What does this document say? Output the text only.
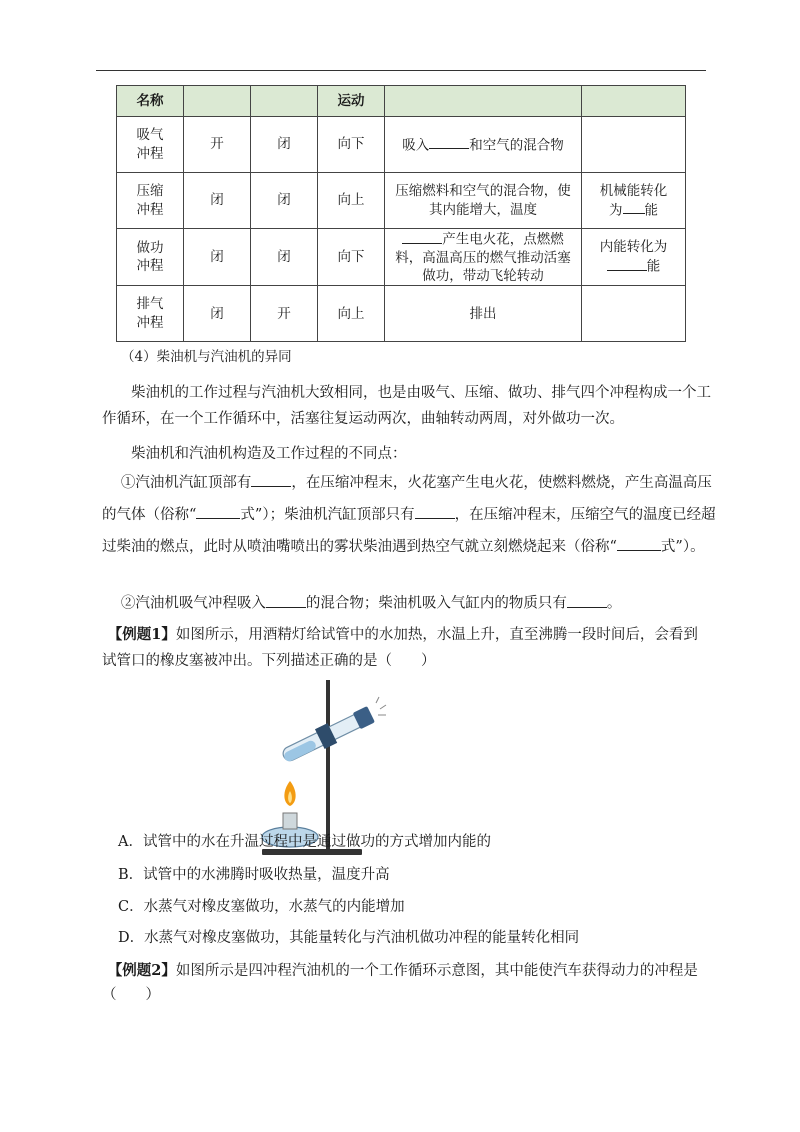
名称			运动		

吸气冲程	开	闭	向下	吸入 和空气的混合物	

压缩冲程	闭	闭	向上	压缩燃料和空气的混合物，使其内能增大，温度	机械能转化为 能

做功冲程	闭	闭	向下	产生电火花，点燃燃料，高温高压的燃气推动活塞做功，带动飞轮转动	内能转化为能

排气冲程	闭	开	向上	排出	
（4）柴油机与汽油机的异同
柴油机的工作过程与汽油机大致相同，也是由吸气、压缩、做功、排气四个冲程构成一个工作循环，在一个工作循环中，活塞往复运动两次，曲轴转动两周，对外做功一次。
柴油机和汽油机构造及工作过程的不同点：
①汽油机汽缸顶部有	，在压缩冲程末，火花塞产生电火花，使燃料燃烧，产生高温高压的气体（俗称“	式”）；柴油机汽缸顶部只有	，在压缩冲程末，压缩空气的温度已经超过柴油的燃点，此时从喷油嘴喷出的雾状柴油遇到热空气就立刻燃烧起来（俗称“	式”）。
②汽油机吸气冲程吸入	的混合物；柴油机吸入气缸内的物质只有	。
【例题1】如图所示，用酒精灯给试管中的水加热，水温上升，直至沸腾一段时间后，会看到试管口的橡皮塞被冲出。下列描述正确的是（　　）
A．试管中的水在升温过程中是通过做功的方式增加内能的
B．试管中的水沸腾时吸收热量，温度升高
C．水蒸气对橡皮塞做功，水蒸气的内能增加
D．水蒸气对橡皮塞做功，其能量转化与汽油机做功冲程的能量转化相同
【例题2】如图所示是四冲程汽油机的一个工作循环示意图，其中能使汽车获得动力的冲程是
（　　）
